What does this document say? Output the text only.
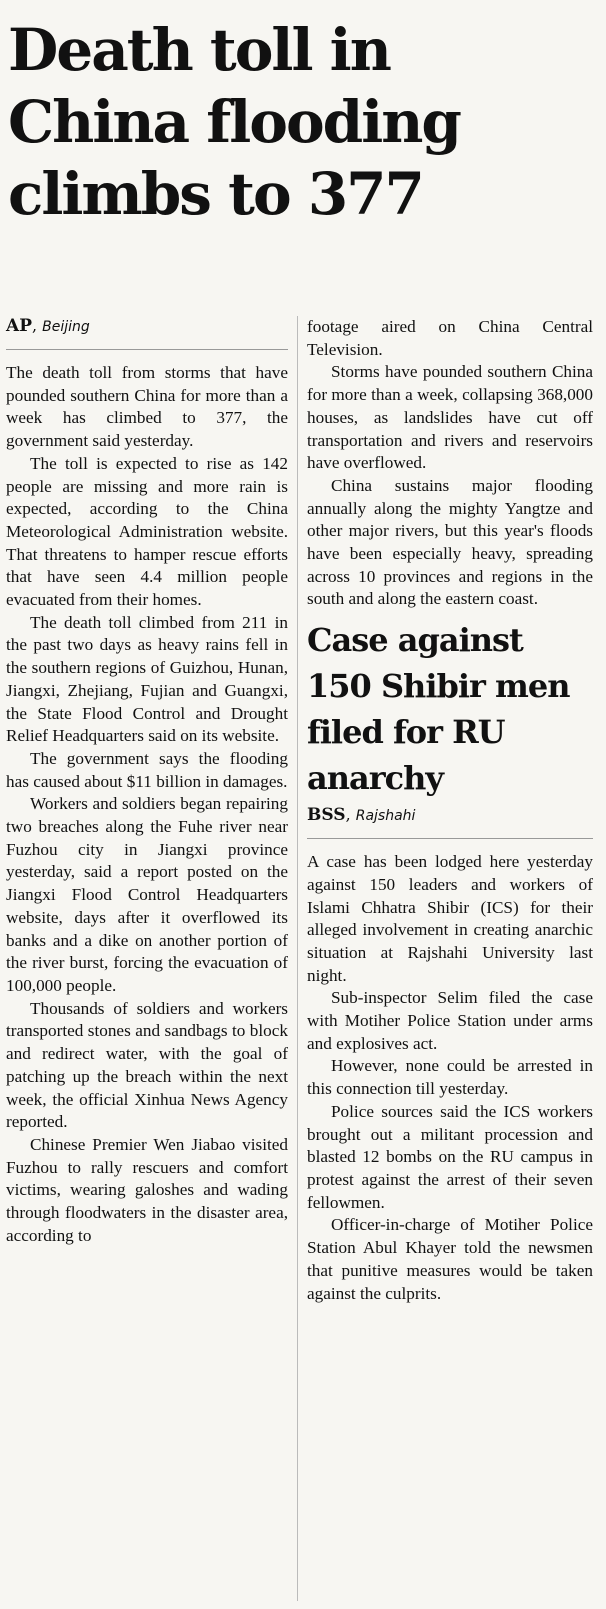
Death toll in
China flooding
climbs to 377
AP, Beijing

The death toll from storms that have pounded southern China for more than a week has climbed to 377, the government said yesterday.

The toll is expected to rise as 142 people are missing and more rain is expected, according to the China Meteorological Administration website. That threatens to hamper rescue efforts that have seen 4.4 million people evacuated from their homes.

The death toll climbed from 211 in the past two days as heavy rains fell in the southern regions of Guizhou, Hunan, Jiangxi, Zhejiang, Fujian and Guangxi, the State Flood Control and Drought Relief Headquarters said on its website.

The government says the flooding has caused about $11 billion in damages.

Workers and soldiers began repairing two breaches along the Fuhe river near Fuzhou city in Jiangxi province yesterday, said a report posted on the Jiangxi Flood Control Headquarters website, days after it overflowed its banks and a dike on another portion of the river burst, forcing the evacuation of 100,000 people.

Thousands of soldiers and workers transported stones and sandbags to block and redirect water, with the goal of patching up the breach within the next week, the official Xinhua News Agency reported.

Chinese Premier Wen Jiabao visited Fuzhou to rally rescuers and comfort victims, wearing galoshes and wading through floodwaters in the disaster area, according to

footage aired on China Central Television.

Storms have pounded southern China for more than a week, collapsing 368,000 houses, as landslides have cut off transportation and rivers and reservoirs have overflowed.

China sustains major flooding annually along the mighty Yangtze and other major rivers, but this year's floods have been especially heavy, spreading across 10 provinces and regions in the south and along the eastern coast.

Case against
150 Shibir men
filed for RU
anarchy
BSS, Rajshahi

A case has been lodged here yesterday against 150 leaders and workers of Islami Chhatra Shibir (ICS) for their alleged involvement in creating anarchic situation at Rajshahi University last night.

Sub-inspector Selim filed the case with Motiher Police Station under arms and explosives act.

However, none could be arrested in this connection till yesterday.

Police sources said the ICS workers brought out a militant procession and blasted 12 bombs on the RU campus in protest against the arrest of their seven fellowmen.

Officer-in-charge of Motiher Police Station Abul Khayer told the newsmen that punitive measures would be taken against the culprits.
